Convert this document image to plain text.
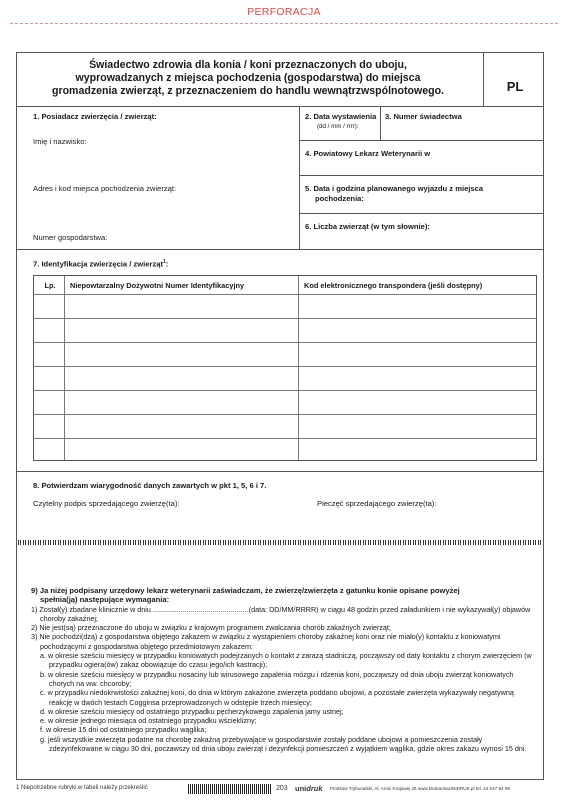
PERFORACJA
Świadectwo zdrowia dla konia / koni przeznaczonych do uboju,
wyprowadzanych z miejsca pochodzenia (gospodarstwa) do miejsca
gromadzenia zwierząt, z przeznaczeniem do handlu wewnątrzwspólnotowego.	PL
1. Posiadacz zwierzęcia / zwierząt:
Imię i nazwisko:
Adres i kod miejsca pochodzenia zwierząt:
Numer gospodarstwa:
2. Data wystawienia
(dd / mm / rrrr):
3. Numer świadectwa
4. Powiatowy Lekarz Weterynarii w
5. Data i godzina planowanego wyjazdu z miejsca
pochodzenia:
6. Liczba zwierząt (w tym słownie):
7. Identyfikacja zwierzęcia / zwierząt$^1$:
Lp.	Niepowtarzalny Dożywotni Numer Identyfikacyjny	Kod elektronicznego transpondera (jeśli dostępny)
8. Potwierdzam wiarygodność danych zawartych w pkt 1, 5, 6 i 7.
Czytelny podpis sprzedającego zwierzę(ta):	Pieczęć sprzedającego zwierzę(ta):
9) Ja niżej podpisany urzędowy lekarz weterynarii zaświadczam, że zwierzę/zwierzęta z gatunku konie opisane powyżej
spełnia(ją) następujące wymagania:

1) Został(y) zbadane klinicznie w dniu ................................................(data: DD/MM/RRRR) w ciągu 48 godzin przed załadunkiem i nie wykazywał(y) objawów choroby zakaźnej;

2) Nie jest(są) przeznaczone do uboju w związku z krajowym programem zwalczania chorób zakaźnych zwierząt;

3) Nie pochodzi(dzą) z gospodarstwa objętego zakazem w związku z wystąpieniem choroby zakaźnej koni oraz nie miało(y) kontaktu z koniowatymi pochodzącymi z gospodarstwa objętego przedmiotowym zakazem:

a. w okresie sześciu miesięcy w przypadku koniowatych podejrzanych o kontakt z zarazą stadniczą, począwszy od daty kontaktu z chorym zwierzęciem (w przypadku ogiera(ów) zakaz obowiązuje do czasu jego/ich kastracji);

b. w okresie sześciu miesięcy w przypadku nosaciny lub wirusowego zapalenia mózgu i rdzenia koni, począwszy od dnia uboju zwierząt koniowatych chorych na ww. chcoroby;

c. w przypadku niedokrwistości zakaźnej koni, do dnia w którym zakażone zwierzęta poddano ubojowi, a pozostałe zwierzęta wykazywały negatywną reakcję w dwóch testach Cogginsa przeprowadzonych w odstępie trzech miesięcy;

d. w okresie sześciu miesięcy od ostatniego przypadku pęcherzykowego zapalenia jamy ustnej;

e. w okresie jednego miesiąca od ostatniego przypadku wścieklizny;

f. w okresie 15 dni od ostatniego przypadku wąglika;

g. jeśli wszystkie zwierzęta podatne na chorobę zakaźną przebywające w gospodarstwie zostały poddane ubojowi a pomieszczenia zostały zdezynfekowane w ciągu 30 dni, poczawszy od dnia uboju zwierząt i dezynfekcji pomieszczeń z wyjątkiem wąglika, gdzie okres zakazu wynosi 15 dni.

1 Niepotrzebne rubryki w tabeli należy przekreślić	203 unidruk Piotrków Trybunalski, Al. Armii Krajowej 26 www.DrukarniaUNIDRUK.pl tel. 44 647 84 96
